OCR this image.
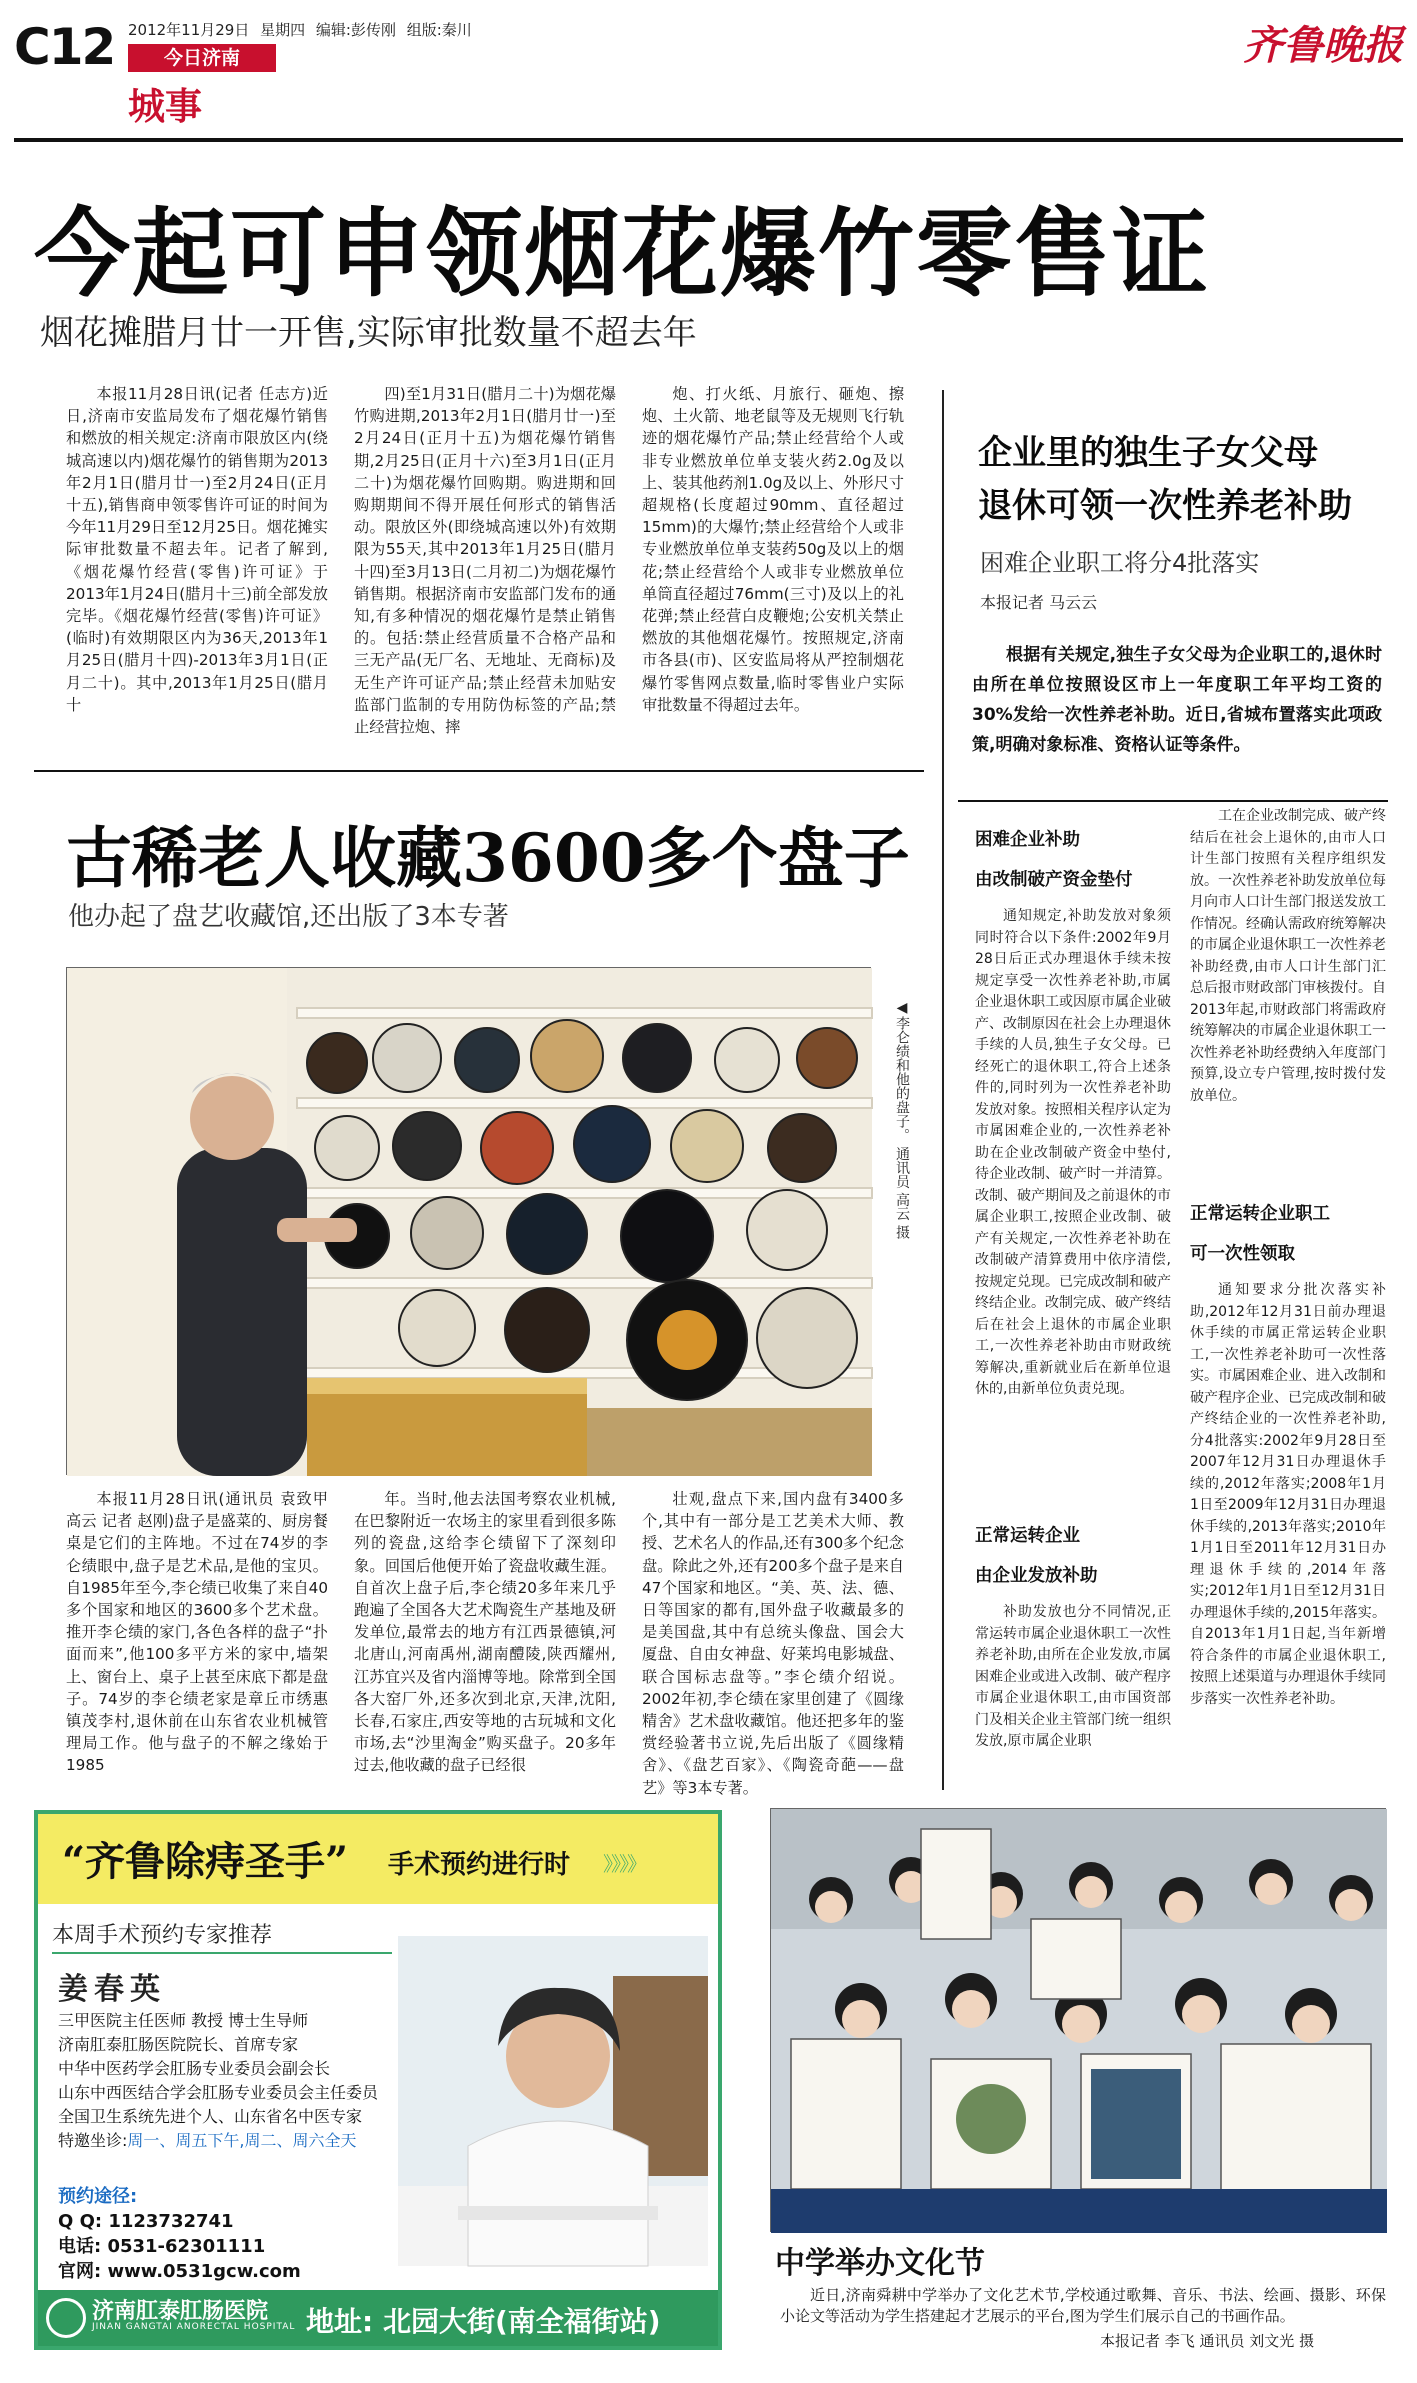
C12 2012年11月29日 星期四 编辑:彭传刚 组版:秦川
今日济南
城事
齐鲁晚报
今起可申领烟花爆竹零售证
烟花摊腊月廿一开售,实际审批数量不超去年

本报11月28日讯(记者 任志方)近日,济南市安监局发布了烟花爆竹销售和燃放的相关规定:济南市限放区内(绕城高速以内)烟花爆竹的销售期为2013年2月1日(腊月廿一)至2月24日(正月十五),销售商申领零售许可证的时间为今年11月29日至12月25日。烟花摊实际审批数量不超去年。记者了解到,《烟花爆竹经营(零售)许可证》于2013年1月24日(腊月十三)前全部发放完毕。《烟花爆竹经营(零售)许可证》(临时)有效期限区内为36天,2013年1月25日(腊月十四)-2013年3月1日(正月二十)。其中,2013年1月25日(腊月十

四)至1月31日(腊月二十)为烟花爆竹购进期,2013年2月1日(腊月廿一)至2月24日(正月十五)为烟花爆竹销售期,2月25日(正月十六)至3月1日(正月二十)为烟花爆竹回购期。购进期和回购期期间不得开展任何形式的销售活动。限放区外(即绕城高速以外)有效期限为55天,其中2013年1月25日(腊月十四)至3月13日(二月初二)为烟花爆竹销售期。根据济南市安监部门发布的通知,有多种情况的烟花爆竹是禁止销售的。包括:禁止经营质量不合格产品和三无产品(无厂名、无地址、无商标)及无生产许可证产品;禁止经营未加贴安监部门监制的专用防伪标签的产品;禁止经营拉炮、摔

炮、打火纸、月旅行、砸炮、擦炮、土火箭、地老鼠等及无规则飞行轨迹的烟花爆竹产品;禁止经营给个人或非专业燃放单位单支装火药2.0g及以上、装其他药剂1.0g及以上、外形尺寸超规格(长度超过90mm、直径超过15mm)的大爆竹;禁止经营给个人或非专业燃放单位单支装药50g及以上的烟花;禁止经营给个人或非专业燃放单位单筒直径超过76mm(三寸)及以上的礼花弹;禁止经营白皮鞭炮;公安机关禁止燃放的其他烟花爆竹。按照规定,济南市各县(市)、区安监局将从严控制烟花爆竹零售网点数量,临时零售业户实际审批数量不得超过去年。

企业里的独生子女父母
退休可领一次性养老补助
困难企业职工将分4批落实
本报记者 马云云

根据有关规定,独生子女父母为企业职工的,退休时由所在单位按照设区市上一年度职工年平均工资的30%发给一次性养老补助。近日,省城布置落实此项政策,明确对象标准、资格认证等条件。

困难企业补助
由改制破产资金垫付

通知规定,补助发放对象须同时符合以下条件:2002年9月28日后正式办理退休手续未按规定享受一次性养老补助,市属企业退休职工或因原市属企业破产、改制原因在社会上办理退休手续的人员,独生子女父母。已经死亡的退休职工,符合上述条件的,同时列为一次性养老补助发放对象。按照相关程序认定为市属困难企业的,一次性养老补助在企业改制破产资金中垫付,待企业改制、破产时一并清算。改制、破产期间及之前退休的市属企业职工,按照企业改制、破产有关规定,一次性养老补助在改制破产清算费用中依序清偿,按规定兑现。已完成改制和破产终结企业。改制完成、破产终结后在社会上退休的市属企业职工,一次性养老补助由市财政统筹解决,重新就业后在新单位退休的,由新单位负责兑现。

正常运转企业
由企业发放补助

补助发放也分不同情况,正常运转市属企业退休职工一次性养老补助,由所在企业发放,市属困难企业或进入改制、破产程序市属企业退休职工,由市国资部门及相关企业主管部门统一组织发放,原市属企业职

工在企业改制完成、破产终结后在社会上退休的,由市人口计生部门按照有关程序组织发放。一次性养老补助发放单位每月向市人口计生部门报送发放工作情况。经确认需政府统筹解决的市属企业退休职工一次性养老补助经费,由市人口计生部门汇总后报市财政部门审核拨付。自2013年起,市财政部门将需政府统筹解决的市属企业退休职工一次性养老补助经费纳入年度部门预算,设立专户管理,按时拨付发放单位。

正常运转企业职工
可一次性领取

通知要求分批次落实补助,2012年12月31日前办理退休手续的市属正常运转企业职工,一次性养老补助可一次性落实。市属困难企业、进入改制和破产程序企业、已完成改制和破产终结企业的一次性养老补助,分4批落实:2002年9月28日至2007年12月31日办理退休手续的,2012年落实;2008年1月1日至2009年12月31日办理退休手续的,2013年落实;2010年1月1日至2011年12月31日办理退休手续的,2014年落实;2012年1月1日至12月31日办理退休手续的,2015年落实。自2013年1月1日起,当年新增符合条件的市属企业退休职工,按照上述渠道与办理退休手续同步落实一次性养老补助。

古稀老人收藏3600多个盘子
他办起了盘艺收藏馆,还出版了3本专著
◀李仑绩和他的盘子。 通讯员 高云 摄

本报11月28日讯(通讯员 袁致甲 高云 记者 赵刚)盘子是盛菜的、厨房餐桌是它们的主阵地。不过在74岁的李仑绩眼中,盘子是艺术品,是他的宝贝。自1985年至今,李仑绩已收集了来自40多个国家和地区的3600多个艺术盘。推开李仑绩的家门,各色各样的盘子“扑面而来”,他100多平方米的家中,墙架上、窗台上、桌子上甚至床底下都是盘子。74岁的李仑绩老家是章丘市绣惠镇茂李村,退休前在山东省农业机械管理局工作。他与盘子的不解之缘始于1985

年。当时,他去法国考察农业机械,在巴黎附近一农场主的家里看到很多陈列的瓷盘,这给李仑绩留下了深刻印象。回国后他便开始了瓷盘收藏生涯。自首次上盘子后,李仑绩20多年来几乎跑遍了全国各大艺术陶瓷生产基地及研发单位,最常去的地方有江西景德镇,河北唐山,河南禹州,湖南醴陵,陕西耀州,江苏宜兴及省内淄博等地。除常到全国各大窑厂外,还多次到北京,天津,沈阳,长春,石家庄,西安等地的古玩城和文化市场,去“沙里淘金”购买盘子。20多年过去,他收藏的盘子已经很

壮观,盘点下来,国内盘有3400多个,其中有一部分是工艺美术大师、教授、艺术名人的作品,还有300多个纪念盘。除此之外,还有200多个盘子是来自47个国家和地区。“美、英、法、德、日等国家的都有,国外盘子收藏最多的是美国盘,其中有总统头像盘、国会大厦盘、自由女神盘、好莱坞电影城盘、联合国标志盘等。”李仑绩介绍说。2002年初,李仑绩在家里创建了《圆缘精舍》艺术盘收藏馆。他还把多年的鉴赏经验著书立说,先后出版了《圆缘精舍》、《盘艺百家》、《陶瓷奇葩——盘艺》等3本专著。

“齐鲁除痔圣手” 手术预约进行时 》》》》
本周手术预约专家推荐
姜春英
三甲医院主任医师 教授 博士生导师
济南肛泰肛肠医院院长、首席专家
中华中医药学会肛肠专业委员会副会长
山东中西医结合学会肛肠专业委员会主任委员
全国卫生系统先进个人、山东省名中医专家
特邀坐诊:周一、周五下午,周二、周六全天
预约途径:
Q Q: 1123732741
电话: 0531-62301111
官网: www.0531gcw.com
济南肛泰肛肠医院
JINAN GANGTAI ANORECTAL HOSPITAL 地址: 北园大街(南全福街站)
中学举办文化节
近日,济南舜耕中学举办了文化艺术节,学校通过歌舞、音乐、书法、绘画、摄影、环保小论文等活动为学生搭建起才艺展示的平台,图为学生们展示自己的书画作品。
本报记者 李飞 通讯员 刘文光 摄
